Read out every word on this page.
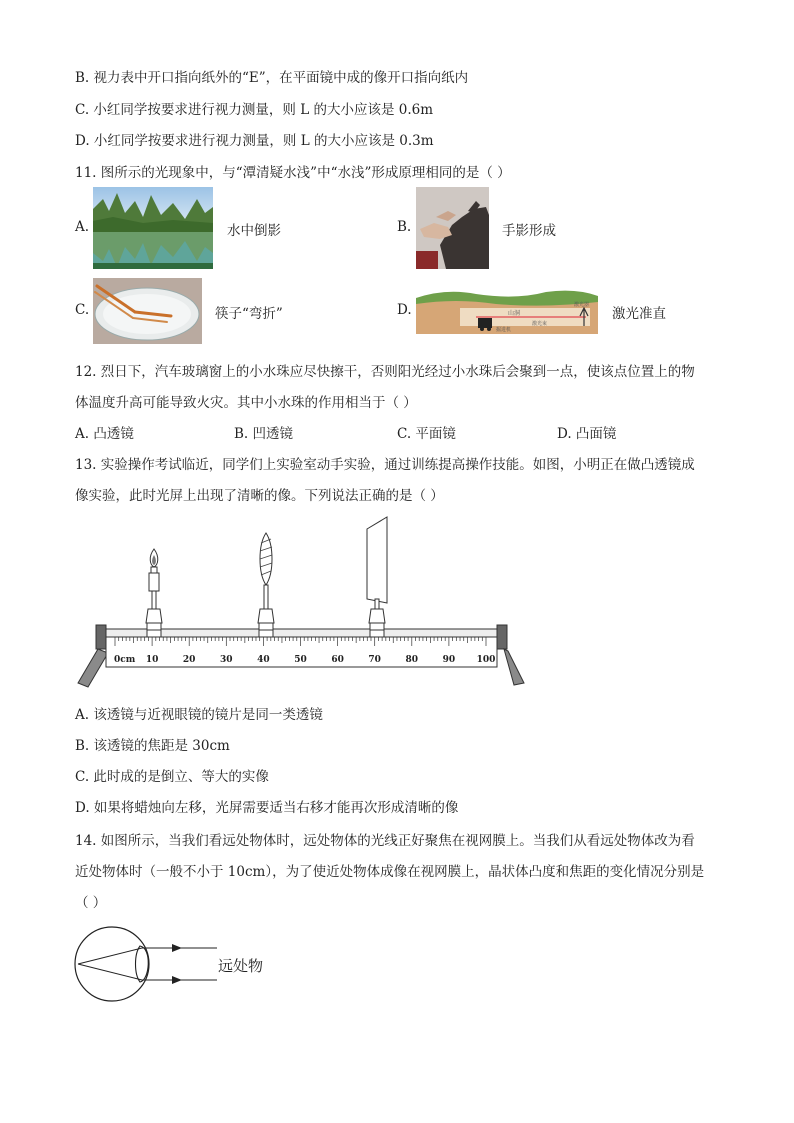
B. 视力表中开口指向纸外的“E”，在平面镜中成的像开口指向纸内
C. 小红同学按要求进行视力测量，则 L 的大小应该是 0.6m
D. 小红同学按要求进行视力测量，则 L 的大小应该是 0.3m
11. 图所示的光现象中，与“潭清疑水浅”中“水浅”形成原理相同的是（ ）
A.	水中倒影	B.	手影形成
C.	筷子“弯折”	D.	山洞
激光束
掘进机
激光器
激光准直
12. 烈日下，汽车玻璃窗上的小水珠应尽快擦干，否则阳光经过小水珠后会聚到一点，使该点位置上的物
体温度升高可能导致火灾。其中小水珠的作用相当于（ ）
A. 凸透镜	B. 凹透镜	C. 平面镜	D. 凸面镜
13. 实验操作考试临近，同学们上实验室动手实验，通过训练提高操作技能。如图，小明正在做凸透镜成
像实验，此时光屏上出现了清晰的像。下列说法正确的是（ ）
0cm 10	20	30	40	50	60	70	80	90 100
A. 该透镜与近视眼镜的镜片是同一类透镜
B. 该透镜的焦距是 30cm
C. 此时成的是倒立、等大的实像
D. 如果将蜡烛向左移，光屏需要适当右移才能再次形成清晰的像
14. 如图所示，当我们看远处物体时，远处物体的光线正好聚焦在视网膜上。当我们从看远处物体改为看
近处物体时（一般不小于 10cm），为了使近处物体成像在视网膜上，晶状体凸度和焦距的变化情况分别是
（ ）
远处物
